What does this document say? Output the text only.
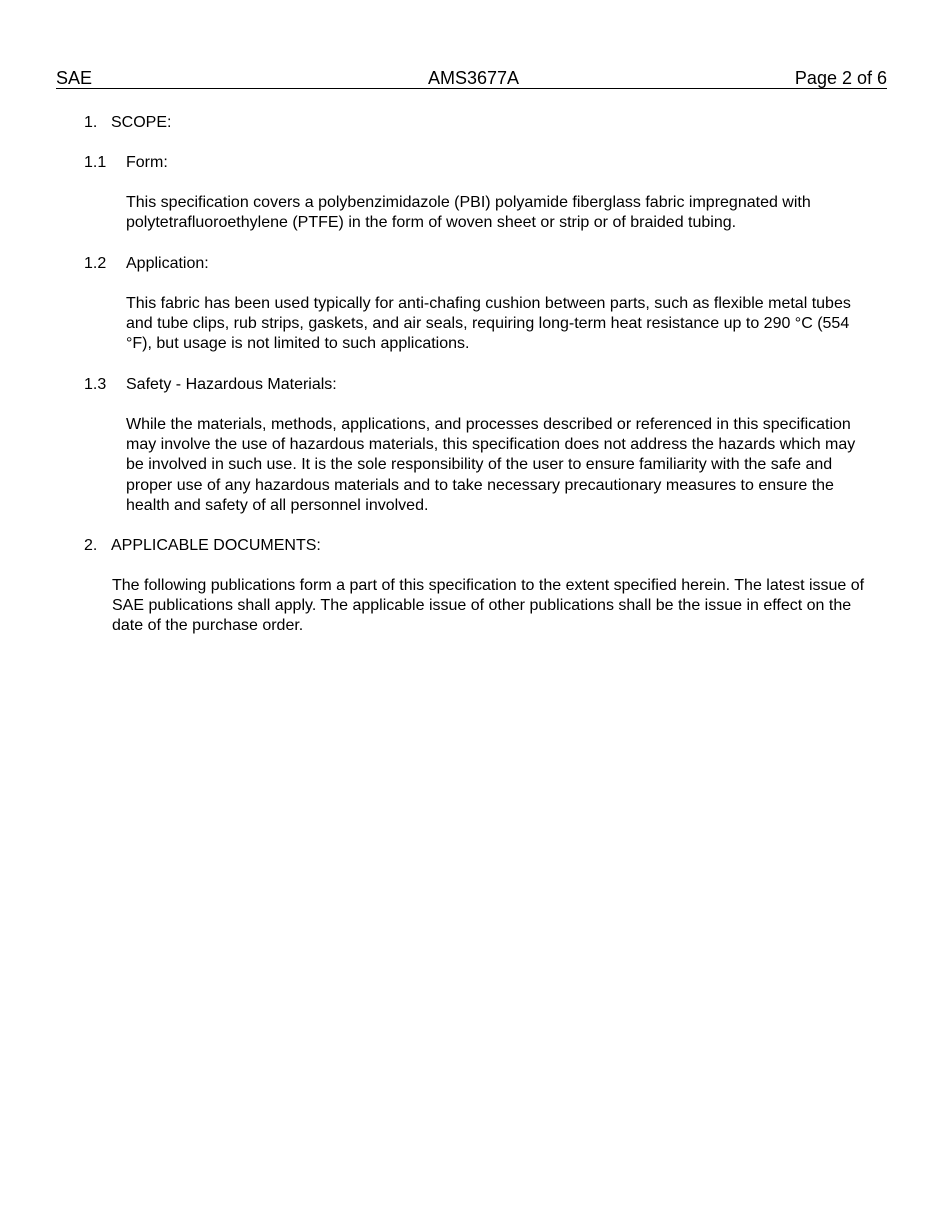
SAE	AMS3677A	Page 2 of 6
1. SCOPE:
1.1 Form:
This specification covers a polybenzimidazole (PBI) polyamide fiberglass fabric impregnated with polytetrafluoroethylene (PTFE) in the form of woven sheet or strip or of braided tubing.
1.2 Application:
This fabric has been used typically for anti-chafing cushion between parts, such as flexible metal tubes and tube clips, rub strips, gaskets, and air seals, requiring long-term heat resistance up to 290 °C (554 °F), but usage is not limited to such applications.
1.3 Safety - Hazardous Materials:
While the materials, methods, applications, and processes described or referenced in this specification may involve the use of hazardous materials, this specification does not address the hazards which may be involved in such use. It is the sole responsibility of the user to ensure familiarity with the safe and proper use of any hazardous materials and to take necessary precautionary measures to ensure the health and safety of all personnel involved.
2. APPLICABLE DOCUMENTS:
The following publications form a part of this specification to the extent specified herein. The latest issue of SAE publications shall apply. The applicable issue of other publications shall be the issue in effect on the date of the purchase order.
